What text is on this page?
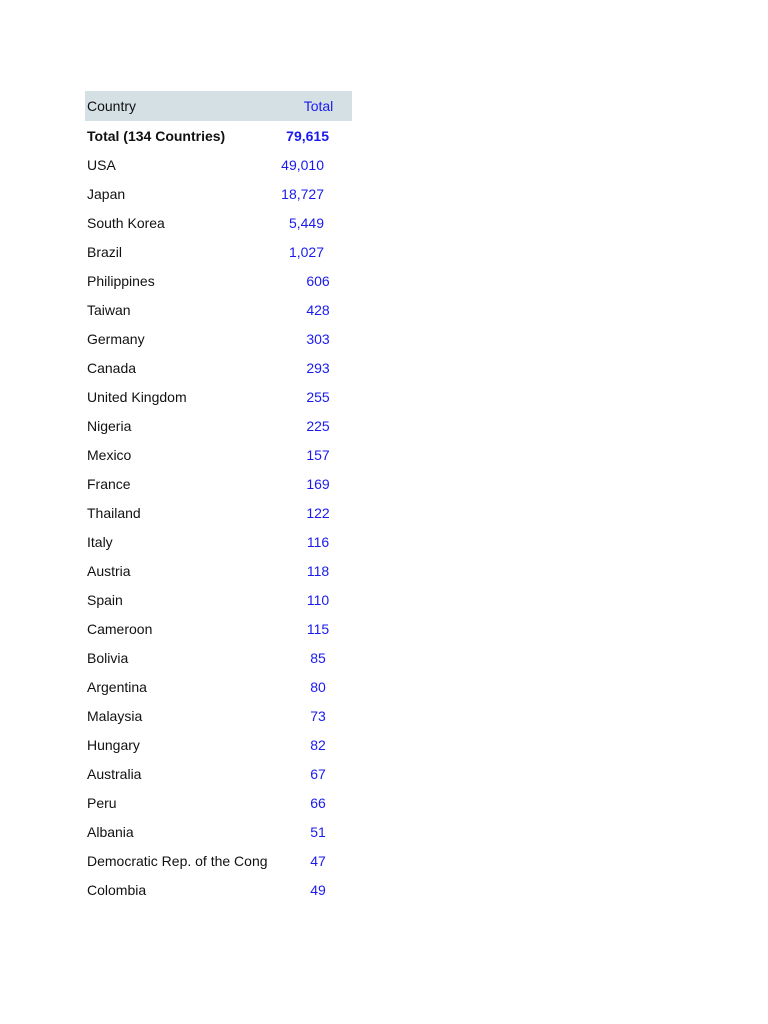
Country	Total
Total (134 Countries)	79,615
USA	49,010
Japan	18,727
South Korea	5,449
Brazil	1,027
Philippines	606
Taiwan	428
Germany	303
Canada	293
United Kingdom	255
Nigeria	225
Mexico	157
France	169
Thailand	122
Italy	116
Austria	118
Spain	110
Cameroon	115
Bolivia	85
Argentina	80
Malaysia	73
Hungary	82
Australia	67
Peru	66
Albania	51
Democratic Rep. of the Cong	47
Colombia	49
